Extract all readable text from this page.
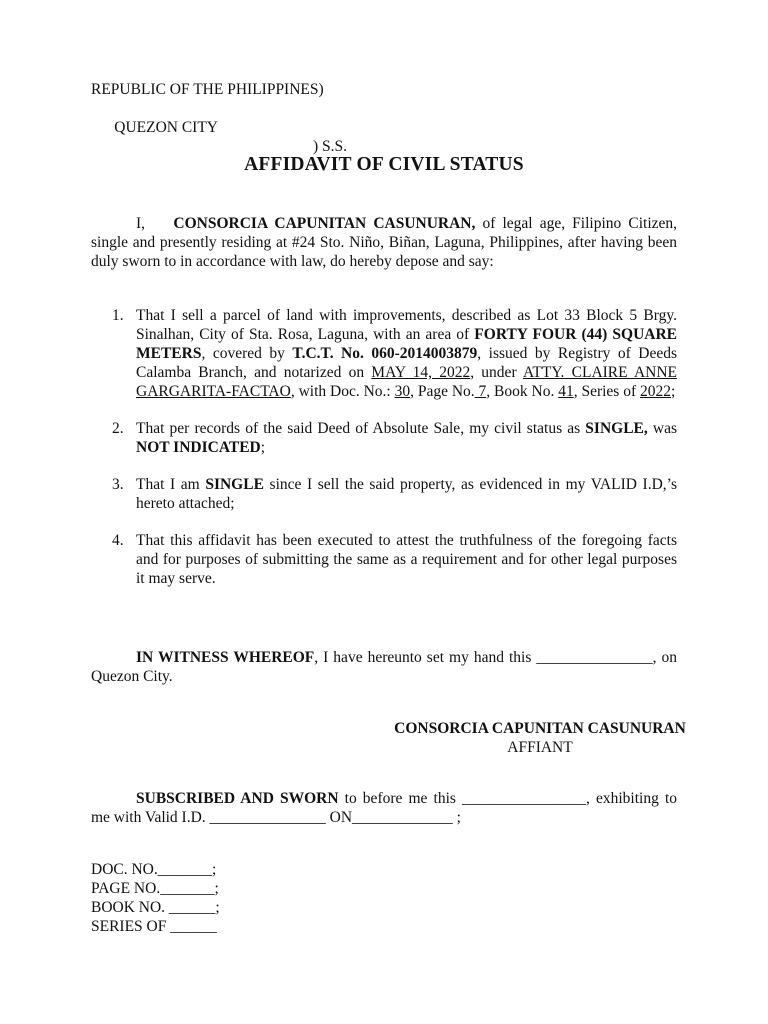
REPUBLIC OF THE PHILIPPINES)

QUEZON CITY

) S.S.

AFFIDAVIT OF CIVIL STATUS
I, CONSORCIA CAPUNITAN CASUNURAN, of legal age, Filipino Citizen, single and presently residing at #24 Sto. Niño, Biñan, Laguna, Philippines, after having been duly sworn to in accordance with law, do hereby depose and say:
1. That I sell a parcel of land with improvements, described as Lot 33 Block 5 Brgy. Sinalhan, City of Sta. Rosa, Laguna, with an area of FORTY FOUR (44) SQUARE METERS, covered by T.C.T. No. 060-2014003879, issued by Registry of Deeds Calamba Branch, and notarized on MAY 14, 2022, under ATTY. CLAIRE ANNE GARGARITA-FACTAO, with Doc. No.: 30, Page No. 7, Book No. 41, Series of 2022;
2. That per records of the said Deed of Absolute Sale, my civil status as SINGLE, was NOT INDICATED;
3. That I am SINGLE since I sell the said property, as evidenced in my VALID I.D,’s hereto attached;
4. That this affidavit has been executed to attest the truthfulness of the foregoing facts and for purposes of submitting the same as a requirement and for other legal purposes it may serve.
IN WITNESS WHEREOF, I have hereunto set my hand this _______________, on Quezon City.
CONSORCIA CAPUNITAN CASUNURAN
AFFIANT
SUBSCRIBED AND SWORN to before me this ________________, exhibiting to me with Valid I.D. _______________ ON_____________ ;
DOC. NO._______;
PAGE NO._______;
BOOK NO. ______;
SERIES OF ______
